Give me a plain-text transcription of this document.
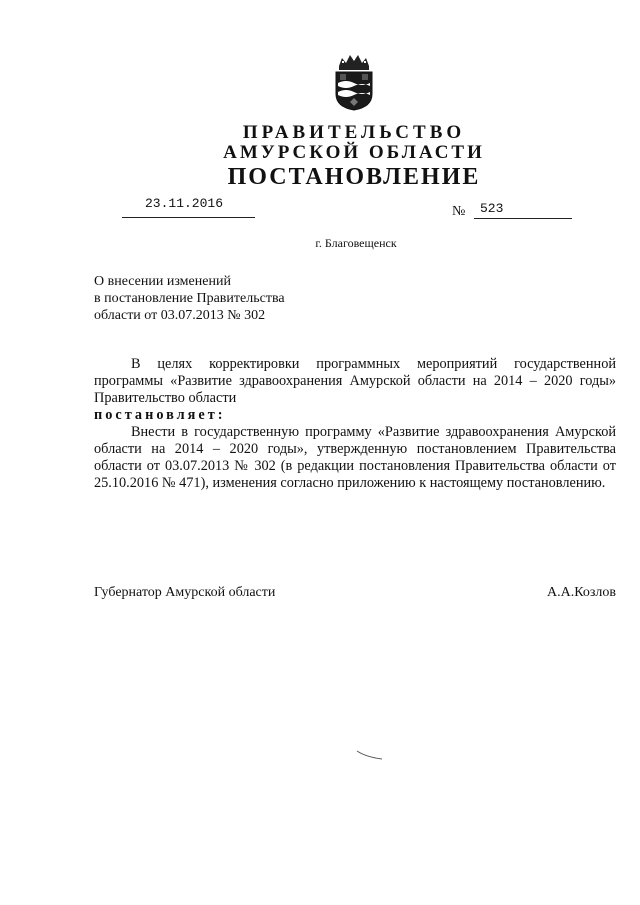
ПРАВИТЕЛЬСТВО
АМУРСКОЙ ОБЛАСТИ
ПОСТАНОВЛЕНИЕ
23.11.2016
№ 523
г. Благовещенск
О внесении изменений
в постановление Правительства
области от 03.07.2013 № 302

В целях корректировки программных мероприятий государственной программы «Развитие здравоохранения Амурской области на 2014 – 2020 годы» Правительство области

постановляет:

Внести в государственную программу «Развитие здравоохранения Амурской области на 2014 – 2020 годы», утвержденную постановлением Правительства области от 03.07.2013 № 302 (в редакции постановления Правительства области от 25.10.2016 № 471), изменения согласно приложению к настоящему постановлению.

Губернатор Амурской области	А.А.Козлов
